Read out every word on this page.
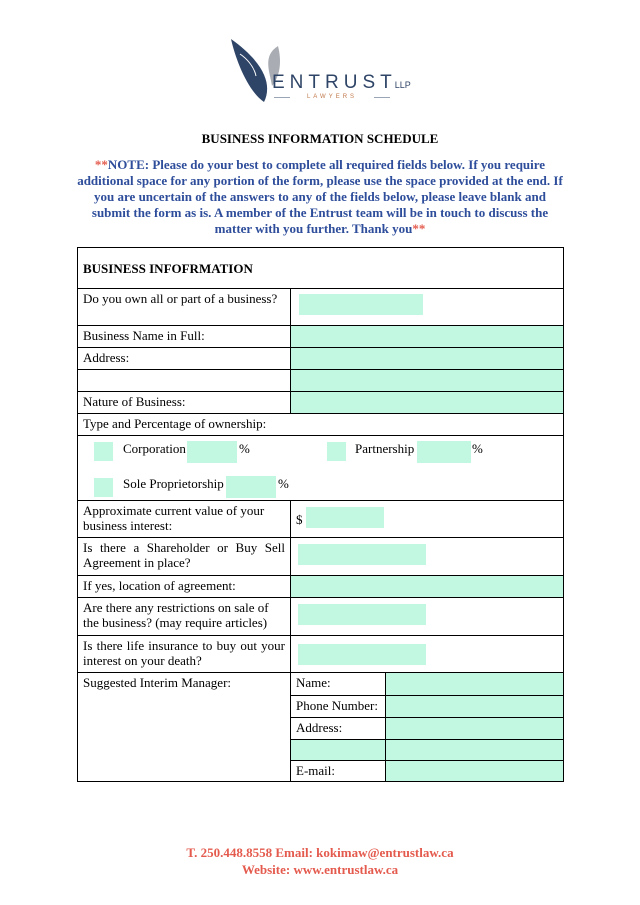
ENTRUSTLLP
LAWYERS
BUSINESS INFORMATION SCHEDULE
**NOTE: Please do your best to complete all required fields below. If you require additional space for any portion of the form, please use the space provided at the end. If you are uncertain of the answers to any of the fields below, please leave blank and submit the form as is. A member of the Entrust team will be in touch to discuss the matter with you further. Thank you**
BUSINESS INFOFRMATION
Do you own all or part of a business?	
Business Name in Full:	
Address:	

Nature of Business:	
Type and Percentage of ownership:

Corporation	%	Partnership	%
Sole Proprietorship	%

Approximate current value of your business interest:	$
Is there a Shareholder or Buy Sell Agreement in place?	
If yes, location of agreement:	
Are there any restrictions on sale of the business? (may require articles)	
Is there life insurance to buy out your interest on your death?	
Suggested Interim Manager:		Name:	
Phone Number:	
Address:	

E-mail:	
T. 250.448.8558 Email: kokimaw@entrustlaw.ca
Website: www.entrustlaw.ca
